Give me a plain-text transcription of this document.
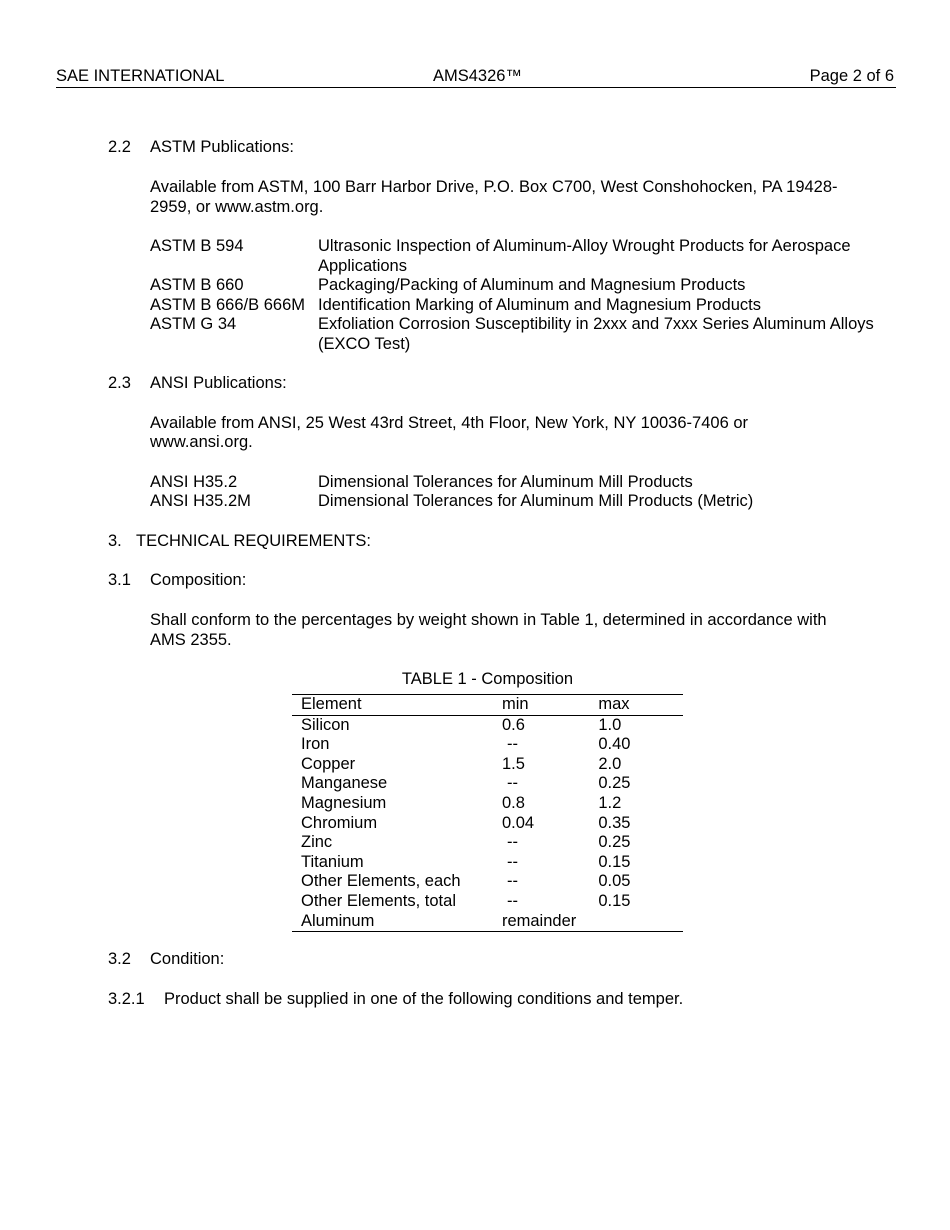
SAE INTERNATIONAL	AMS4326™	Page 2 of 6
2.2 ASTM Publications:
Available from ASTM, 100 Barr Harbor Drive, P.O. Box C700, West Conshohocken, PA 19428-
2959, or www.astm.org.
ASTM B 594	Ultrasonic Inspection of Aluminum-Alloy Wrought Products for Aerospace Applications
ASTM B 660	Packaging/Packing of Aluminum and Magnesium Products
ASTM B 666/B 666M Identification Marking of Aluminum and Magnesium Products
ASTM G 34	Exfoliation Corrosion Susceptibility in 2xxx and 7xxx Series Aluminum Alloys (EXCO Test)
2.3 ANSI Publications:
Available from ANSI, 25 West 43rd Street, 4th Floor, New York, NY 10036-7406 or
www.ansi.org.
ANSI H35.2	Dimensional Tolerances for Aluminum Mill Products
ANSI H35.2M	Dimensional Tolerances for Aluminum Mill Products (Metric)
3. TECHNICAL REQUIREMENTS:
3.1 Composition:
Shall conform to the percentages by weight shown in Table 1, determined in accordance with
AMS 2355.
TABLE 1 - Composition
Element	min	max
Silicon	0.6	1.0
Iron	--	0.40
Copper	1.5	2.0
Manganese	--	0.25
Magnesium	0.8	1.2
Chromium	0.04	0.35
Zinc	--	0.25
Titanium	--	0.15
Other Elements, each	--	0.05
Other Elements, total	--	0.15
Aluminum	remainder	
3.2 Condition:
3.2.1 Product shall be supplied in one of the following conditions and temper.
